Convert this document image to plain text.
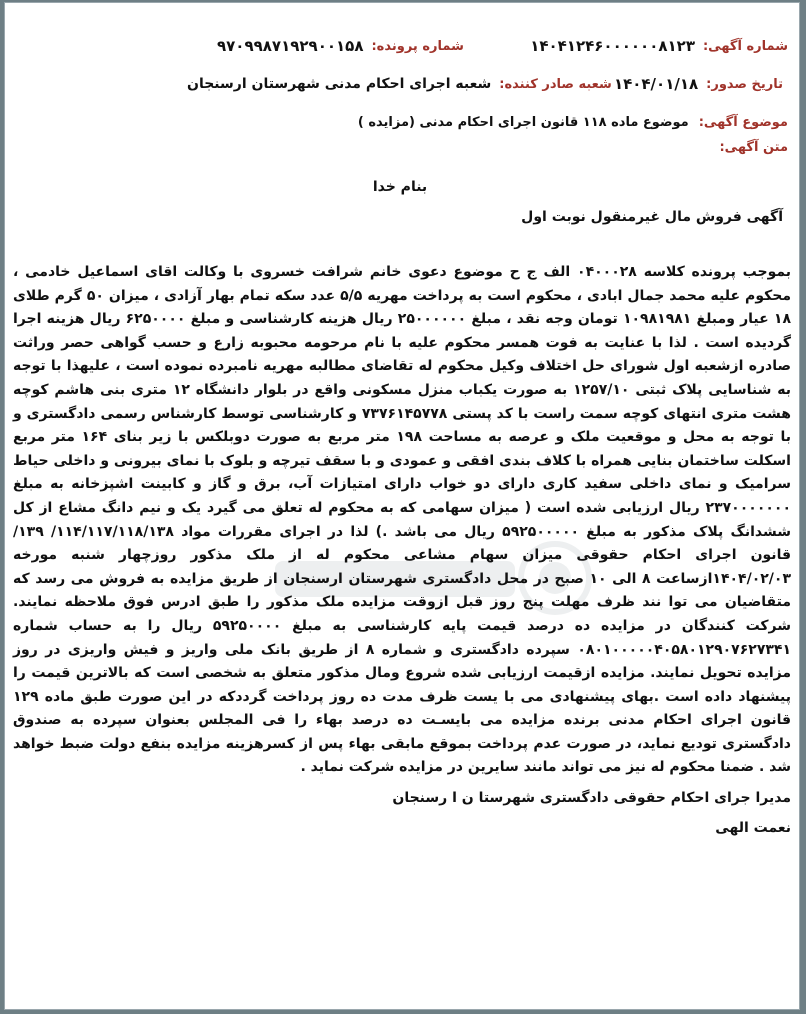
شماره آگهی:
۱۴۰۴۱۲۴۶۰۰۰۰۰۰۸۱۲۳
شماره پرونده:
۹۷۰۹۹۸۷۱۹۲۹۰۰۱۵۸
تاریخ صدور:
۱۴۰۴/۰۱/۱۸
شعبه صادر کننده:
شعبه اجرای احکام مدنی شهرستان ارسنجان
موضوع آگهی:
موضوع ماده ۱۱۸ قانون اجرای احکام مدنی (مزایده )
متن آگهی:
بنام خدا
آگهی فروش مال غیرمنقول نوبت اول
بموجب پرونده کلاسه ۰۴۰۰۰۲۸ الف ج ح موضوع دعوی خانم شرافت خسروی با وکالت اقای اسماعیل خادمی ، محکوم علیه محمد جمال ابادی ، محکوم است به پرداخت مهریه ۵/۵ عدد سکه تمام بهار آزادی ، میزان ۵۰ گرم طلای ۱۸ عیار ومبلغ ۱۰۹۸۱۹۸۱ تومان وجه نقد ، مبلغ ۲۵۰۰۰۰۰۰ ریال هزینه کارشناسی و مبلغ ۶۲۵۰۰۰۰ ریال هزینه اجرا گردیده است . لذا با عنایت به فوت همسر محکوم علیه با نام مرحومه محبوبه زارع و حسب گواهی حصر وراثت صادره ازشعبه اول شورای حل اختلاف وکیل محکوم له تقاضای مطالبه مهریه نامبرده نموده است ، علیهذا با توجه به شناسایی پلاک ثبتی ۱۲۵۷/۱۰ به صورت یکباب منزل مسکونی واقع در بلوار دانشگاه ۱۲ متری بنی هاشم کوچه هشت متری انتهای کوچه سمت راست با کد پستی ۷۳۷۶۱۴۵۷۷۸ و کارشناسی توسط کارشناس رسمی دادگستری و با توجه به محل و موقعیت ملک و عرصه به مساحت ۱۹۸ متر مربع به صورت دوبلکس با زیر بنای ۱۶۴ متر مربع اسکلت ساختمان بنایی همراه با کلاف بندی افقی و عمودی و با سقف تیرچه و بلوک با نمای بیرونی و داخلی حیاط سرامیک و نمای داخلی سفید کاری دارای دو خواب دارای امتیازات آب، برق و گاز و کابینت اشپزخانه به مبلغ ۲۳۷۰۰۰۰۰۰۰ ریال ارزیابی شده است ( میزان سهامی که به محکوم له تعلق می گیرد یک و نیم دانگ مشاع از کل ششدانگ پلاک مذکور به مبلغ ۵۹۲۵۰۰۰۰۰ ریال می باشد .) لذا در اجرای مقررات مواد ۱۱۴/۱۱۷/۱۱۸/۱۳۸/ ۱۳۹/قانون اجرای احکام حقوقی میزان سهام مشاعی محکوم له از ملک مذکور روزچهار شنبه مورخه ۱۴۰۴/۰۲/۰۳ازساعت ۸ الی ۱۰ صبح در محل دادگستری شهرستان ارسنجان از طریق مزایده به فروش می رسد که متقاضیان می توا نند ظرف مهلت پنج روز قبل ازوقت مزایده ملک مذکور را طبق ادرس فوق ملاحظه نمایند. شرکت کنندگان در مزایده ده درصد قیمت پایه کارشناسی به مبلغ ۵۹۲۵۰۰۰۰ ریال را به حساب شماره ۰۸۰۱۰۰۰۰۰۴۰۵۸۰۱۲۹۰۷۶۲۷۳۴۱ سپرده دادگستری و شماره ۸ از طریق بانک ملی واریز و فیش واریزی در روز مزایده تحویل نمایند. مزایده ازقیمت ارزیابی شده شروع ومال مذکور متعلق به شخصی است که بالاترین قیمت را پیشنهاد داده است .بهای پیشنهادی می با یست ظرف مدت ده روز پرداخت گرددکه در این صورت طبق ماده ۱۲۹ قانون اجرای احکام مدنی برنده مزایده می بایسـت ده درصد بهاء را فی المجلس بعنوان سپرده به صندوق دادگستری تودیع نماید، در صورت عدم پرداخت بموقع مابقی بهاء پس از کسرهزینه مزایده بنفع دولت ضبط خواهد شد . ضمنا محکوم له نیز می تواند مانند سایرین در مزایده شرکت نماید .
مدیرا جرای احکام حقوقی دادگستری شهرستا ن ا رسنجان
نعمت الهی
